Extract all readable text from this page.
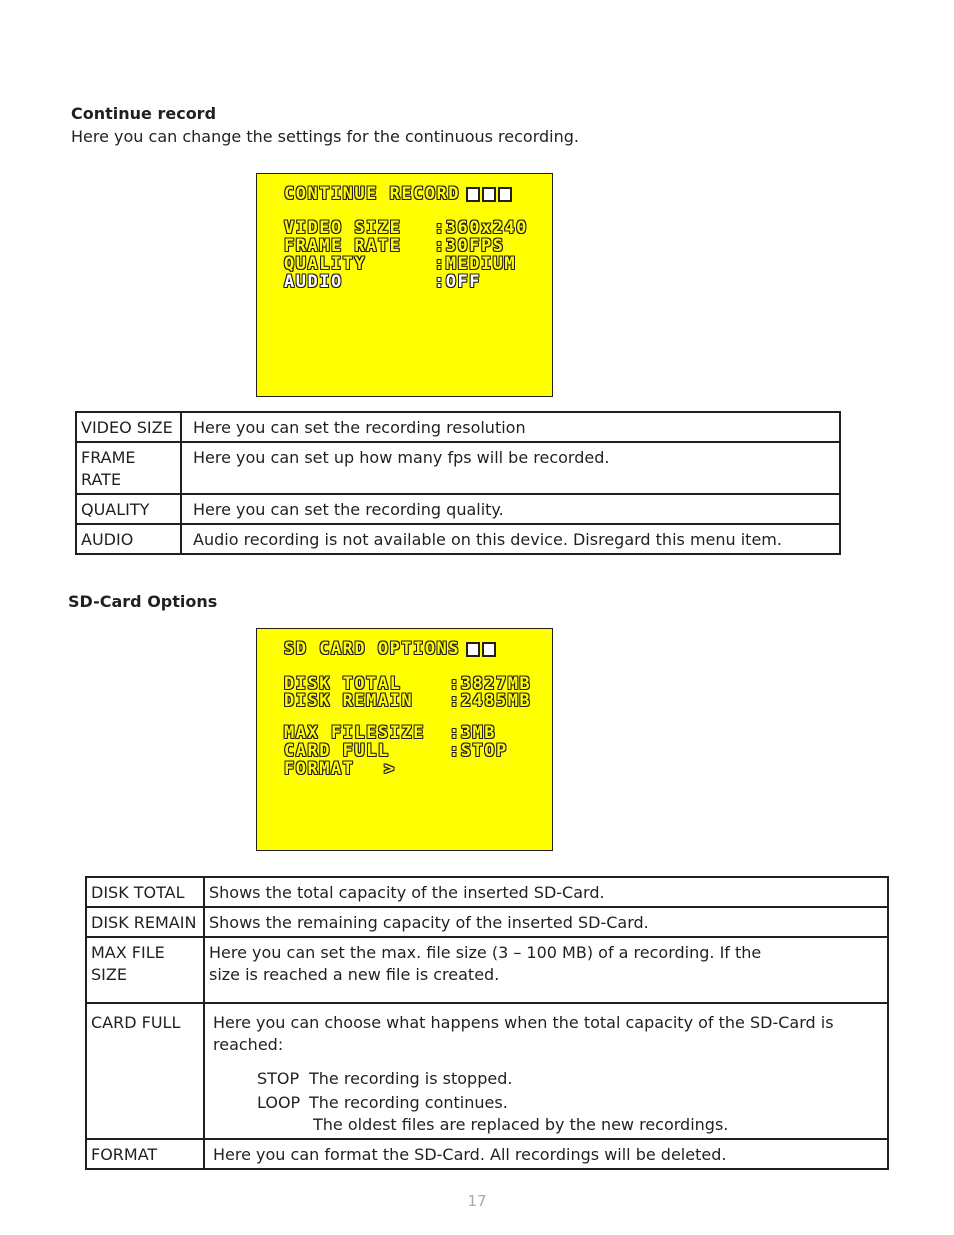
Continue record
Here you can change the settings for the continuous recording.
CONTINUE RECORD
VIDEO SIZE :360x240
FRAME RATE :30FPS
QUALITY	:MEDIUM
AUDIO	:OFF
VIDEO SIZE	Here you can set the recording resolution
FRAME RATE	Here you can set up how many fps will be recorded.
QUALITY	Here you can set the recording quality.
AUDIO	Audio recording is not available on this device. Disregard this menu item.
SD-Card Options
SD CARD OPTIONS
DISK TOTAL	:3827MB
DISK REMAIN :2485MB
MAX FILESIZE :3MB
CARD FULL	:STOP
FORMAT >
DISK TOTAL	Shows the total capacity of the inserted SD-Card.
DISK REMAIN	Shows the remaining capacity of the inserted SD-Card.
MAX FILE SIZE	Here you can set the max. file size (3 – 100 MB) of a recording. If the size is reached a new file is created.
CARD FULL	Here you can choose what happens when the total capacity of the SD-Card is reached:
STOP The recording is stopped.
LOOP The recording continues.
The oldest files are replaced by the new recordings.

FORMAT	Here you can format the SD-Card. All recordings will be deleted.
17
